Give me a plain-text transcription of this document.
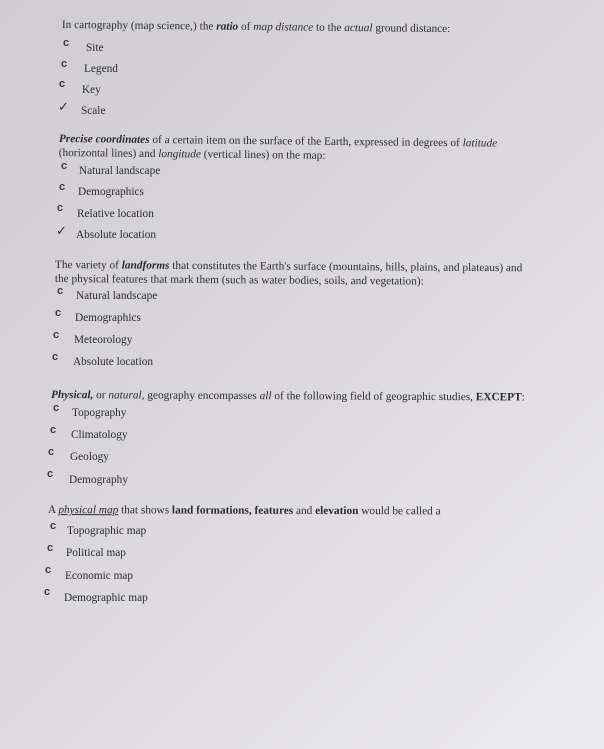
In cartography (map science,) the ratio of map distance to the actual ground distance:
c Site
c Legend
c Key
✓ Scale
Precise coordinates of a certain item on the surface of the Earth, expressed in degrees of latitude
(horizontal lines) and longitude (vertical lines) on the map:
c Natural landscape
c Demographics
c Relative location
✓ Absolute location
The variety of landforms that constitutes the Earth's surface (mountains, hills, plains, and plateaus) and
the physical features that mark them (such as water bodies, soils, and vegetation):
c Natural landscape
c Demographics
c Meteorology
c Absolute location
Physical, or natural, geography encompasses all of the following field of geographic studies, EXCEPT:
c Topography
c Climatology
c Geology
c Demography
A physical map that shows land formations, features and elevation would be called a
c Topographic map
c Political map
c Economic map
c Demographic map
